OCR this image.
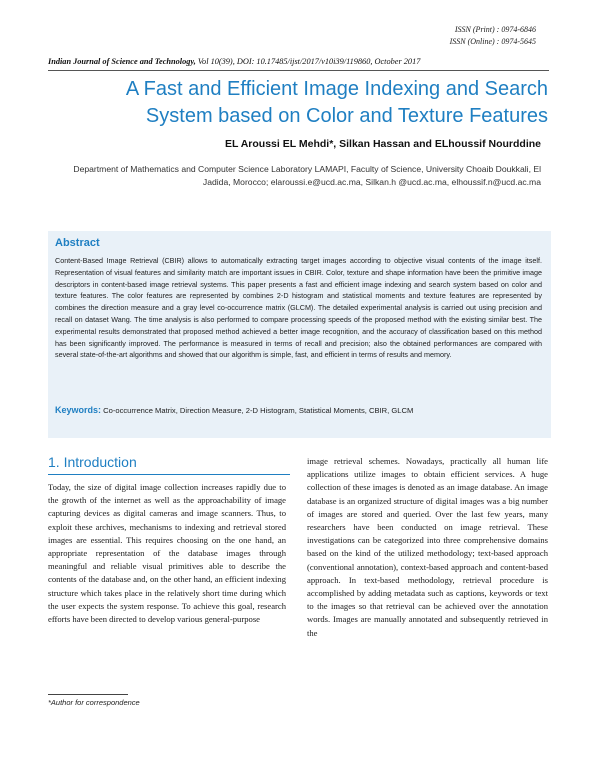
ISSN (Print) : 0974-6846
ISSN (Online) : 0974-5645
Indian Journal of Science and Technology, Vol 10(39), DOI: 10.17485/ijst/2017/v10i39/119860, October 2017
A Fast and Efficient Image Indexing and Search System based on Color and Texture Features
EL Aroussi EL Mehdi*, Silkan Hassan and ELhoussif Nourddine
Department of Mathematics and Computer Science Laboratory LAMAPI, Faculty of Science, University Choaib Doukkali, El Jadida, Morocco; elaroussi.e@ucd.ac.ma, Silkan.h @ucd.ac.ma, elhoussif.n@ucd.ac.ma
Abstract
Content-Based Image Retrieval (CBIR) allows to automatically extracting target images according to objective visual contents of the image itself. Representation of visual features and similarity match are important issues in CBIR. Color, texture and shape information have been the primitive image descriptors in content-based image retrieval systems. This paper presents a fast and efficient image indexing and search system based on color and texture features. The color features are represented by combines 2-D histogram and statistical moments and texture features are represented by combines the direction measure and a gray level co-occurrence matrix (GLCM). The detailed experimental analysis is carried out using precision and recall on dataset Wang. The time analysis is also performed to compare processing speeds of the proposed method with the existing similar best. The experimental results demonstrated that proposed method achieved a better image recognition, and the accuracy of classification based on this method has been significantly improved. The performance is measured in terms of recall and precision; also the obtained performances are compared with several state-of-the-art algorithms and showed that our algorithm is simple, fast, and efficient in terms of results and memory.
Keywords: Co-occurrence Matrix, Direction Measure, 2-D Histogram, Statistical Moments, CBIR, GLCM
1. Introduction
Today, the size of digital image collection increases rapidly due to the growth of the internet as well as the approachability of image capturing devices as digital cameras and image scanners. Thus, to exploit these archives, mechanisms to indexing and retrieval stored images are essential. This requires choosing on the one hand, an appropriate representation of the database images through meaningful and reliable visual primitives able to describe the contents of the database and, on the other hand, an efficient indexing structure which takes place in the relatively short time during which the user expects the system response. To achieve this goal, research efforts have been directed to develop various general-purpose
image retrieval schemes. Nowadays, practically all human life applications utilize images to obtain efficient services. A huge collection of these images is denoted as an image database. An image database is an organized structure of digital images was a big number of images are stored and queried. Over the last few years, many researchers have been conducted on image retrieval. These investigations can be categorized into three comprehensive domains based on the kind of the utilized methodology; text-based approach (conventional annotation), context-based approach and content-based approach. In text-based methodology, retrieval procedure is accomplished by adding metadata such as captions, keywords or text to the images so that retrieval can be achieved over the annotation words. Images are manually annotated and subsequently retrieved in the
*Author for correspondence
